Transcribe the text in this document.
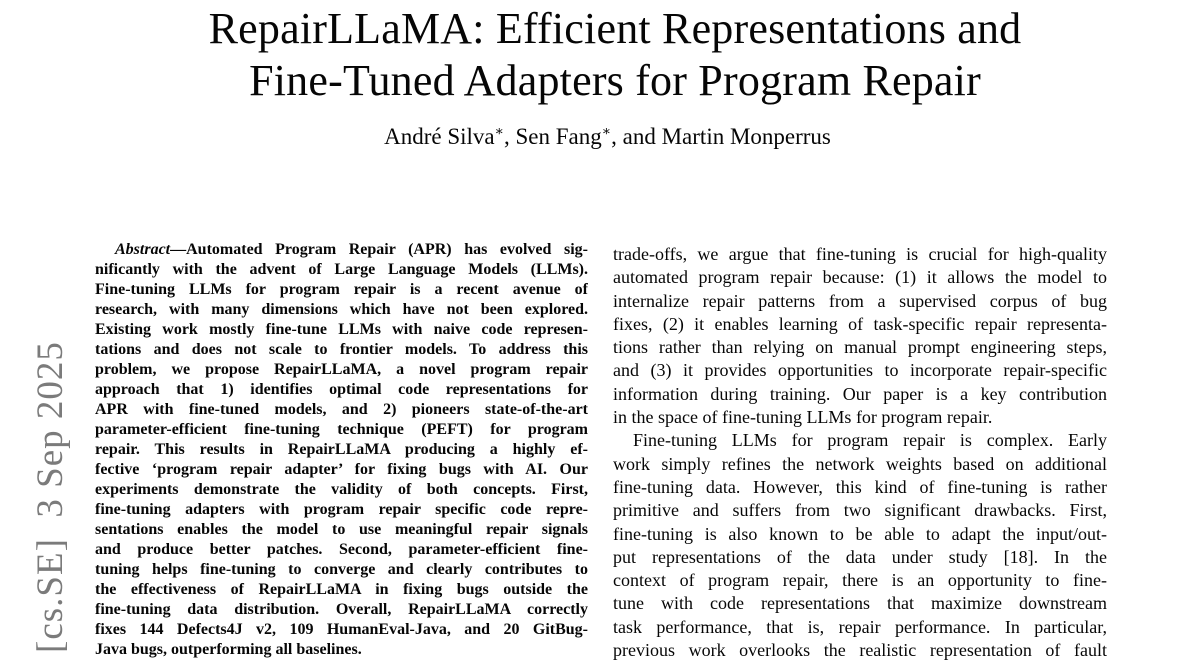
RepairLLaMA: Efficient Representations and
Fine-Tuned Adapters for Program Repair
André Silva∗, Sen Fang∗, and Martin Monperrus
[cs.SE]  3 Sep 2025
Abstract—Automated Program Repair (APR) has evolved sig-
nificantly with the advent of Large Language Models (LLMs).
Fine-tuning LLMs for program repair is a recent avenue of
research, with many dimensions which have not been explored.
Existing work mostly fine-tune LLMs with naive code represen-
tations and does not scale to frontier models. To address this
problem, we propose RepairLLaMA, a novel program repair
approach that 1) identifies optimal code representations for
APR with fine-tuned models, and 2) pioneers state-of-the-art
parameter-efficient fine-tuning technique (PEFT) for program
repair. This results in RepairLLaMA producing a highly ef-
fective ‘program repair adapter’ for fixing bugs with AI. Our
experiments demonstrate the validity of both concepts. First,
fine-tuning adapters with program repair specific code repre-
sentations enables the model to use meaningful repair signals
and produce better patches. Second, parameter-efficient fine-
tuning helps fine-tuning to converge and clearly contributes to
the effectiveness of RepairLLaMA in fixing bugs outside the
fine-tuning data distribution. Overall, RepairLLaMA correctly
fixes 144 Defects4J v2, 109 HumanEval-Java, and 20 GitBug-
Java bugs, outperforming all baselines.
trade-offs, we argue that fine-tuning is crucial for high-quality
automated program repair because: (1) it allows the model to
internalize repair patterns from a supervised corpus of bug
fixes, (2) it enables learning of task-specific repair representa-
tions rather than relying on manual prompt engineering steps,
and (3) it provides opportunities to incorporate repair-specific
information during training. Our paper is a key contribution
in the space of fine-tuning LLMs for program repair.
Fine-tuning LLMs for program repair is complex. Early
work simply refines the network weights based on additional
fine-tuning data. However, this kind of fine-tuning is rather
primitive and suffers from two significant drawbacks. First,
fine-tuning is also known to be able to adapt the input/out-
put representations of the data under study [18]. In the
context of program repair, there is an opportunity to fine-
tune with code representations that maximize downstream
task performance, that is, repair performance. In particular,
previous work overlooks the realistic representation of fault
